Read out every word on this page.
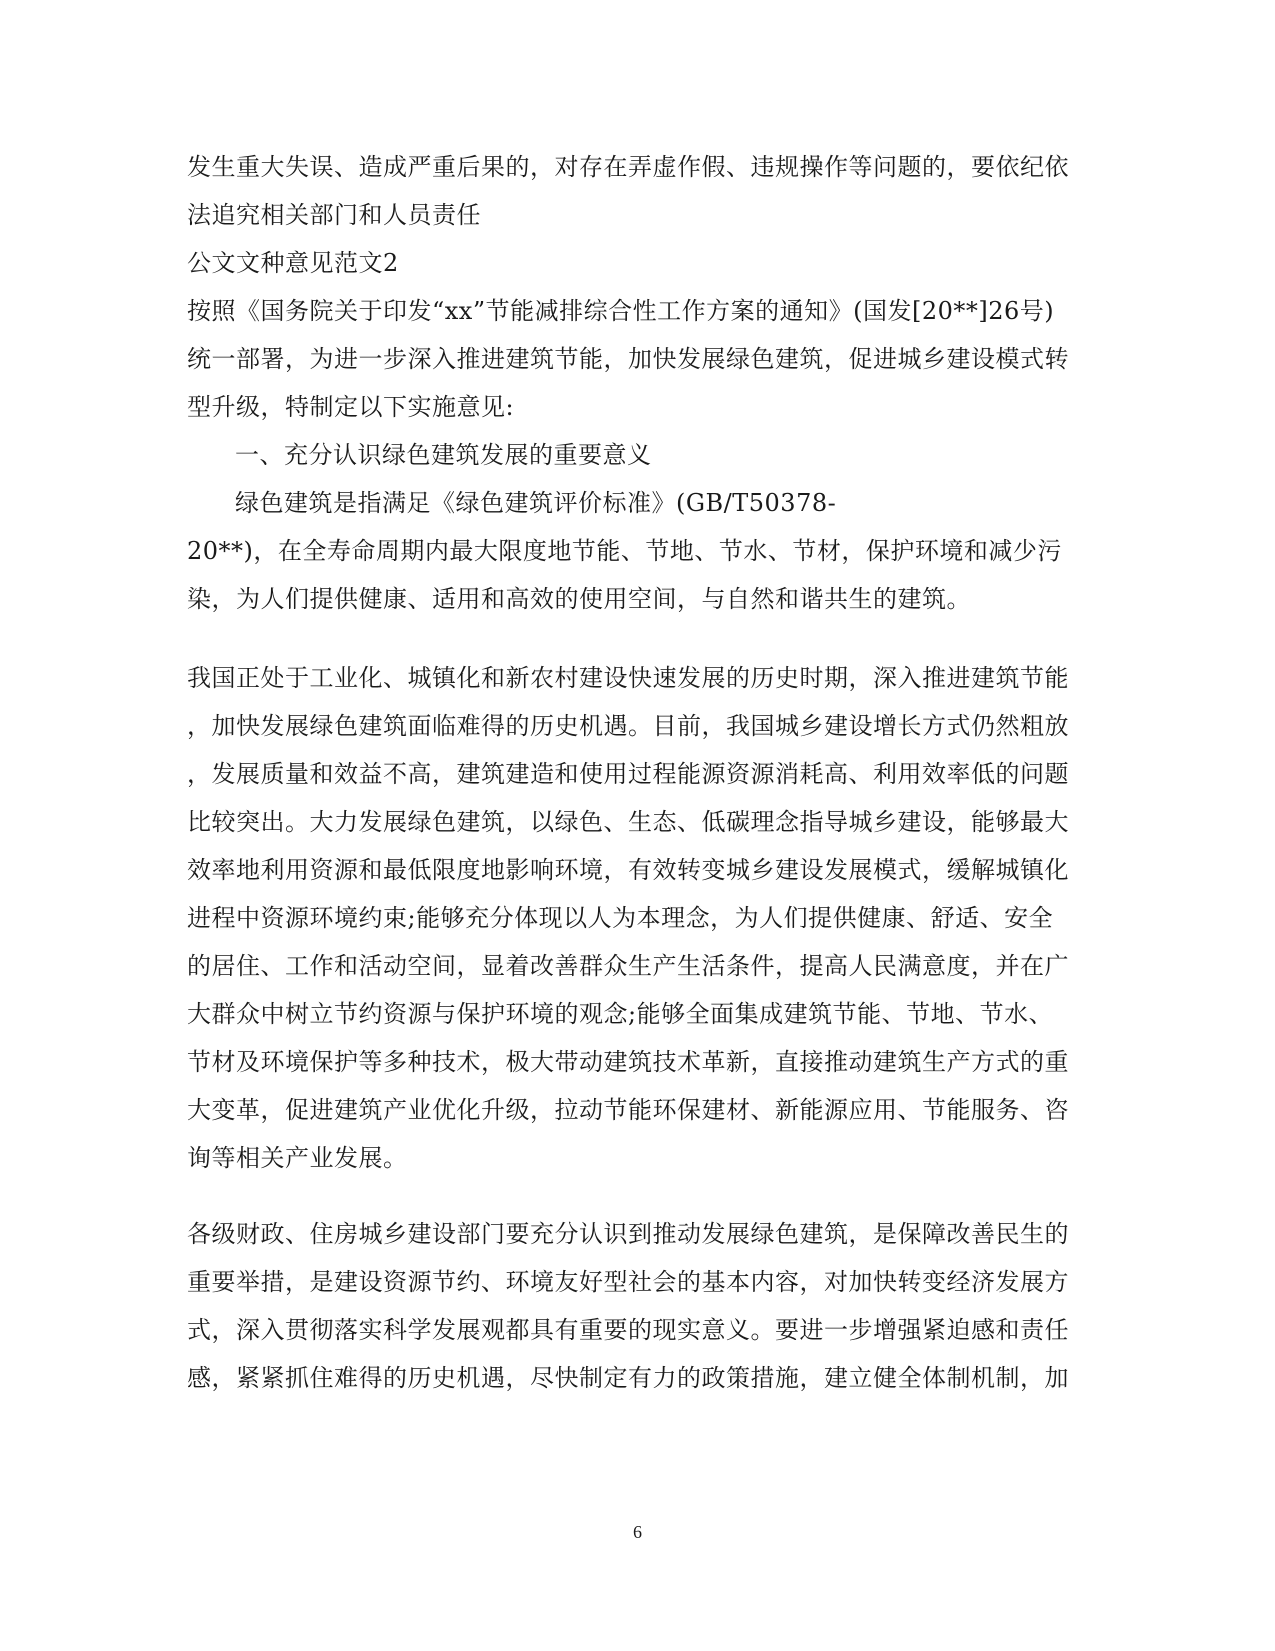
发生重大失误、造成严重后果的，对存在弄虚作假、违规操作等问题的，要依纪依
法追究相关部门和人员责任
公文文种意见范文2
按照《国务院关于印发“xx”节能减排综合性工作方案的通知》(国发[20**]26号)
统一部署，为进一步深入推进建筑节能，加快发展绿色建筑，促进城乡建设模式转
型升级，特制定以下实施意见:
一、充分认识绿色建筑发展的重要意义
绿色建筑是指满足《绿色建筑评价标准》(GB/T50378-
20**)，在全寿命周期内最大限度地节能、节地、节水、节材，保护环境和减少污
染，为人们提供健康、适用和高效的使用空间，与自然和谐共生的建筑。
我国正处于工业化、城镇化和新农村建设快速发展的历史时期，深入推进建筑节能
，加快发展绿色建筑面临难得的历史机遇。目前，我国城乡建设增长方式仍然粗放
，发展质量和效益不高，建筑建造和使用过程能源资源消耗高、利用效率低的问题
比较突出。大力发展绿色建筑，以绿色、生态、低碳理念指导城乡建设，能够最大
效率地利用资源和最低限度地影响环境，有效转变城乡建设发展模式，缓解城镇化
进程中资源环境约束;能够充分体现以人为本理念，为人们提供健康、舒适、安全
的居住、工作和活动空间，显着改善群众生产生活条件，提高人民满意度，并在广
大群众中树立节约资源与保护环境的观念;能够全面集成建筑节能、节地、节水、
节材及环境保护等多种技术，极大带动建筑技术革新，直接推动建筑生产方式的重
大变革，促进建筑产业优化升级，拉动节能环保建材、新能源应用、节能服务、咨
询等相关产业发展。
各级财政、住房城乡建设部门要充分认识到推动发展绿色建筑，是保障改善民生的
重要举措，是建设资源节约、环境友好型社会的基本内容，对加快转变经济发展方
式，深入贯彻落实科学发展观都具有重要的现实意义。要进一步增强紧迫感和责任
感，紧紧抓住难得的历史机遇，尽快制定有力的政策措施，建立健全体制机制，加
6
